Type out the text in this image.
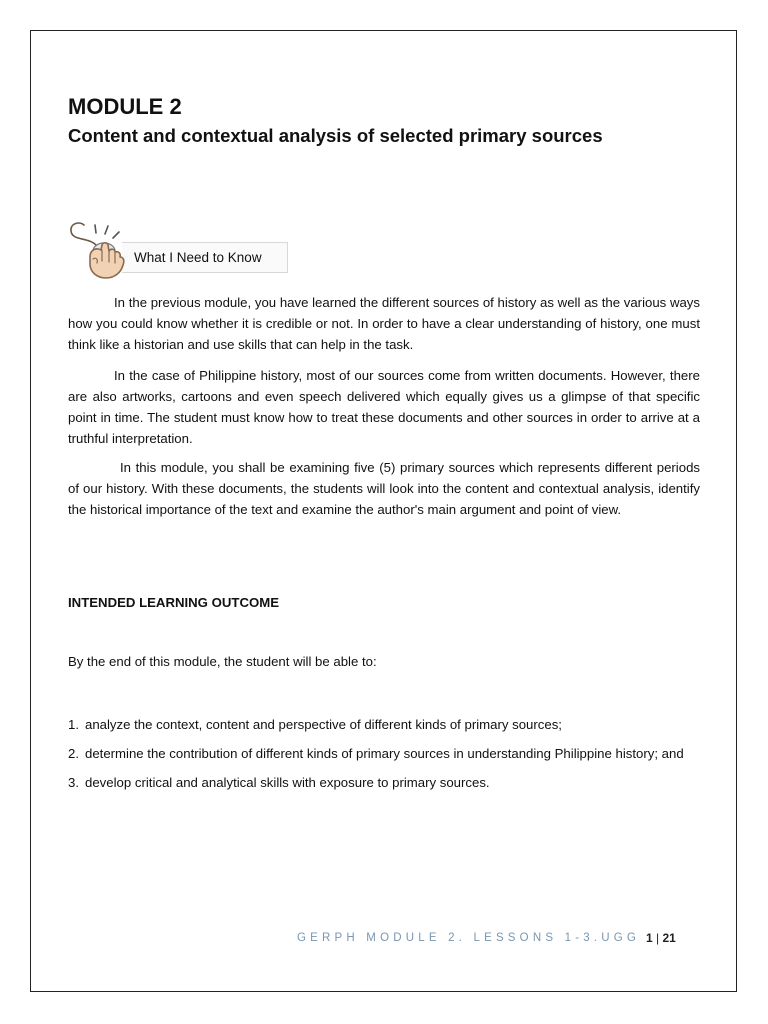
MODULE 2
Content and contextual analysis of selected primary sources
What I Need to Know

In the previous module, you have learned the different sources of history as well as the various ways how you could know whether it is credible or not. In order to have a clear understanding of history, one must think like a historian and use skills that can help in the task.

In the case of Philippine history, most of our sources come from written documents. However, there are also artworks, cartoons and even speech delivered which equally gives us a glimpse of that specific point in time. The student must know how to treat these documents and other sources in order to arrive at a truthful interpretation.

In this module, you shall be examining five (5) primary sources which represents different periods of our history. With these documents, the students will look into the content and contextual analysis, identify the historical importance of the text and examine the author's main argument and point of view.

INTENDED LEARNING OUTCOME

By the end of this module, the student will be able to:

1. analyze the context, content and perspective of different kinds of primary sources;
2. determine the contribution of different kinds of primary sources in understanding Philippine history; and
3. develop critical and analytical skills with exposure to primary sources.
GERPH MODULE 2. LESSONS 1-3.UGG 1 | 21
